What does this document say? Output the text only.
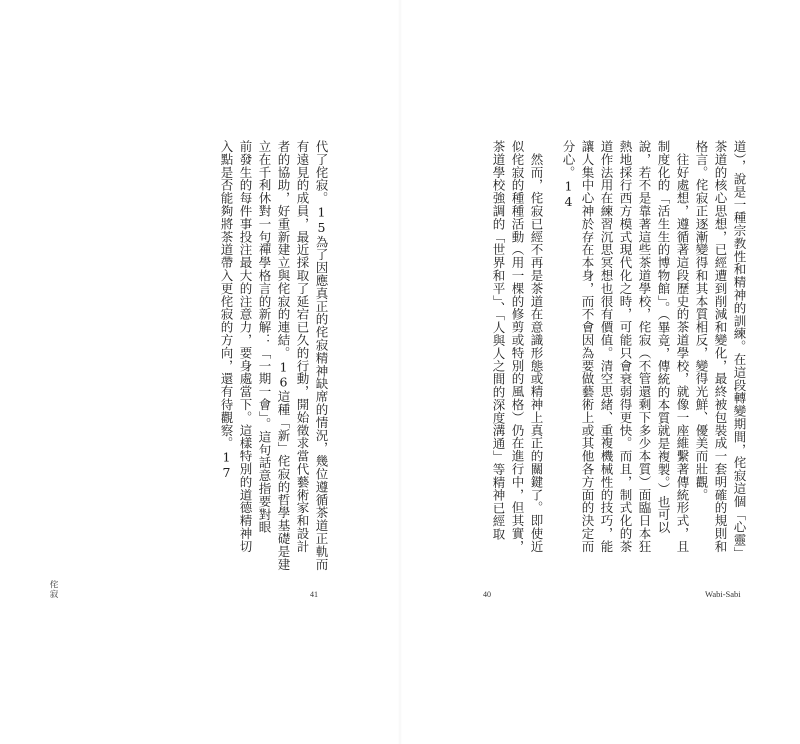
道），說是一種宗教性和精神的訓練。在這段轉變期間，侘寂這個「心靈」
茶道的核心思想，已經遭到削減和變化，最終被包裝成一套明確的規則和
格言。侘寂正逐漸變得和其本質相反，變得光鮮、優美而壯觀。
　往好處想，遵循著這段歷史的茶道學校，就像一座維繫著傳統形式，且
制度化的「活生生的博物館」。（畢竟，傳統的本質就是複製。）也可以
說，若不是靠著這些茶道學校，侘寂（不管還剩下多少本質）面臨日本狂
熱地採行西方模式現代化之時，可能只會衰弱得更快。而且，制式化的茶
道作法用在練習沉思冥想也很有價值。清空思緒、重複機械性的技巧，能
讓人集中心神於存在本身，而不會因為要做藝術上或其他各方面的決定而
分心。14
　然而，侘寂已經不再是茶道在意識形態或精神上真正的關鍵了。即使近
似侘寂的種種活動（用一棵的修剪或特別的風格）仍在進行中，但其實，
茶道學校強調的「世界和平」、「人與人之間的深度溝通」等精神已經取
代了侘寂。15為了因應真正的侘寂精神缺席的情況，幾位遵循茶道正軌而
有遠見的成員，最近採取了延宕已久的行動，開始徵求當代藝術家和設計
者的協助，好重新建立與侘寂的連結。16這種「新」侘寂的哲學基礎是建
立在千利休對一句禪學格言的新解：「一期一會」。這句話意指要對眼
前發生的每件事投注最大的注意力，要身處當下。這樣特別的道德精神切
入點是否能夠將茶道帶入更侘寂的方向，還有待觀察。17
侘寂	41	40	Wabi-Sabi
